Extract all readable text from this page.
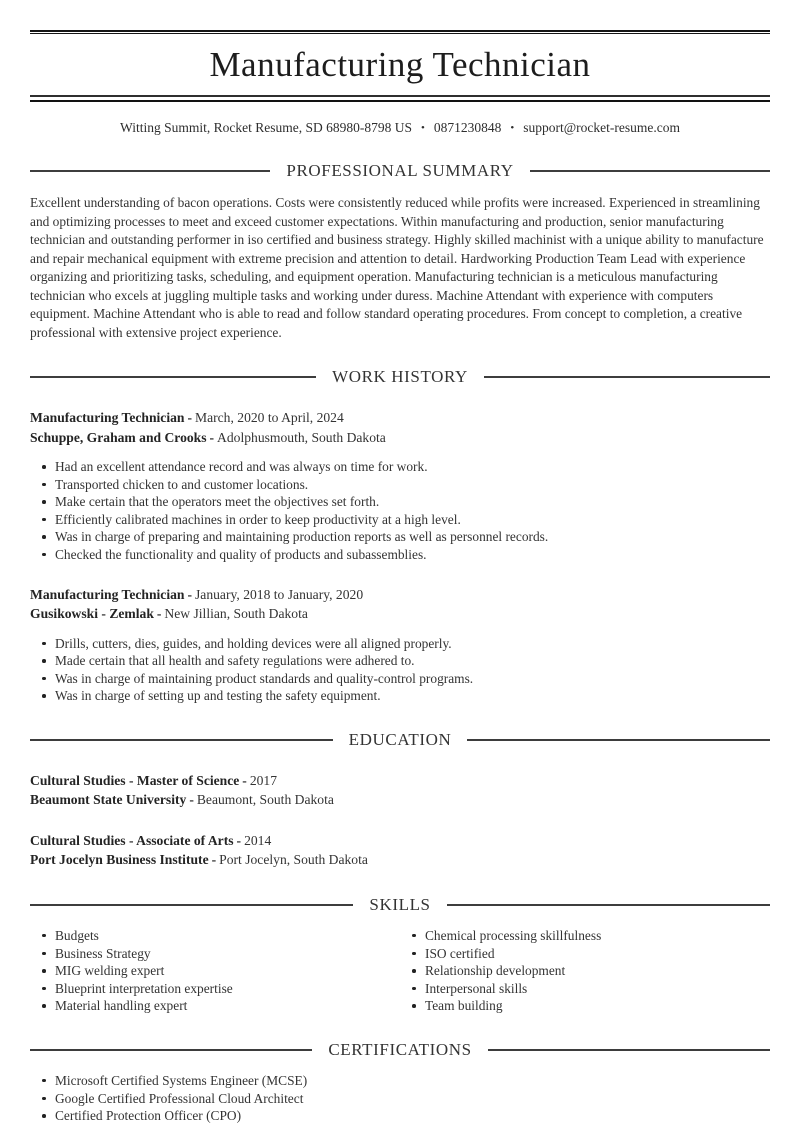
Manufacturing Technician
Witting Summit, Rocket Resume, SD 68980-8798 US • 0871230848 • support@rocket-resume.com
PROFESSIONAL SUMMARY

Excellent understanding of bacon operations. Costs were consistently reduced while profits were increased. Experienced in streamlining and optimizing processes to meet and exceed customer expectations. Within manufacturing and production, senior manufacturing technician and outstanding performer in iso certified and business strategy. Highly skilled machinist with a unique ability to manufacture and repair mechanical equipment with extreme precision and attention to detail. Hardworking Production Team Lead with experience organizing and prioritizing tasks, scheduling, and equipment operation. Manufacturing technician is a meticulous manufacturing technician who excels at juggling multiple tasks and working under duress. Machine Attendant with experience with computers equipment. Machine Attendant who is able to read and follow standard operating procedures. From concept to completion, a creative professional with extensive project experience.

WORK HISTORY
Manufacturing Technician - March, 2020 to April, 2024
Schuppe, Graham and Crooks - Adolphusmouth, South Dakota
Had an excellent attendance record and was always on time for work.
Transported chicken to and customer locations.
Make certain that the operators meet the objectives set forth.
Efficiently calibrated machines in order to keep productivity at a high level.
Was in charge of preparing and maintaining production reports as well as personnel records.
Checked the functionality and quality of products and subassemblies.
Manufacturing Technician - January, 2018 to January, 2020
Gusikowski - Zemlak - New Jillian, South Dakota
Drills, cutters, dies, guides, and holding devices were all aligned properly.
Made certain that all health and safety regulations were adhered to.
Was in charge of maintaining product standards and quality-control programs.
Was in charge of setting up and testing the safety equipment.
EDUCATION
Cultural Studies - Master of Science - 2017
Beaumont State University - Beaumont, South Dakota
Cultural Studies - Associate of Arts - 2014
Port Jocelyn Business Institute - Port Jocelyn, South Dakota
SKILLS
Budgets
Business Strategy
MIG welding expert
Blueprint interpretation expertise
Material handling expert
Chemical processing skillfulness
ISO certified
Relationship development
Interpersonal skills
Team building
CERTIFICATIONS
Microsoft Certified Systems Engineer (MCSE)
Google Certified Professional Cloud Architect
Certified Protection Officer (CPO)
